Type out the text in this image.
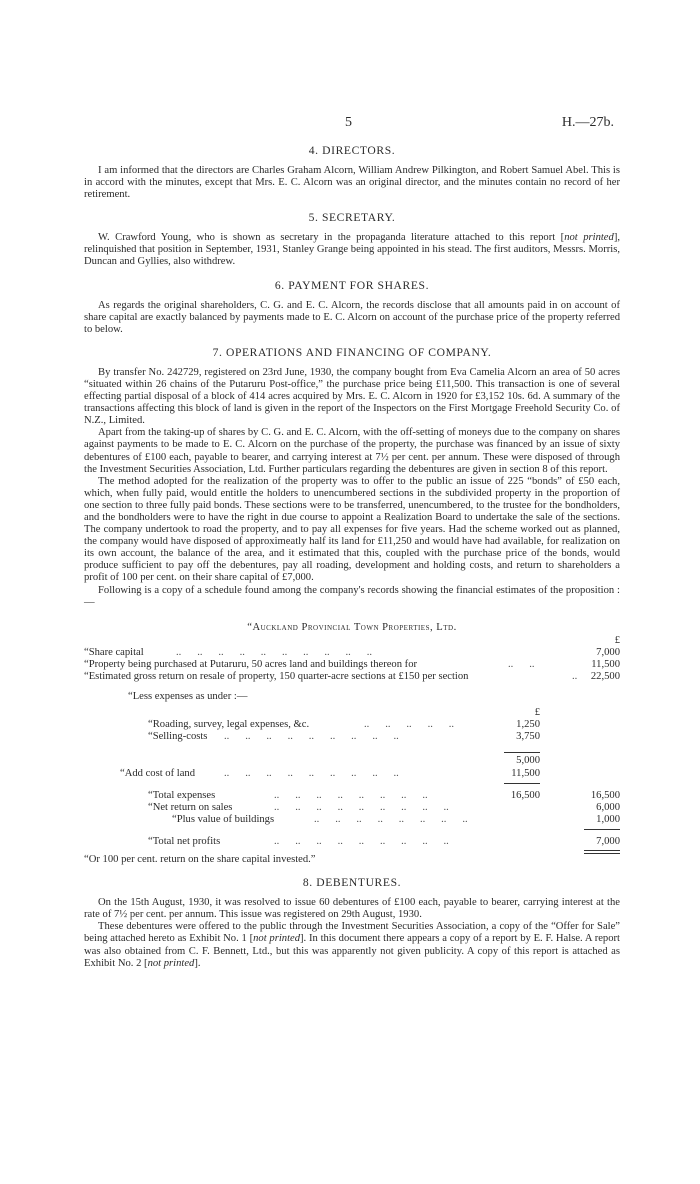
5	H.—27b.
4. DIRECTORS.

I am informed that the directors are Charles Graham Alcorn, William Andrew Pilkington, and Robert Samuel Abel. This is in accord with the minutes, except that Mrs. E. C. Alcorn was an original director, and the minutes contain no record of her retirement.

5. SECRETARY.

W. Crawford Young, who is shown as secretary in the propaganda literature attached to this report [not printed], relinquished that position in September, 1931, Stanley Grange being appointed in his stead. The first auditors, Messrs. Morris, Duncan and Gyllies, also withdrew.

6. PAYMENT FOR SHARES.

As regards the original shareholders, C. G. and E. C. Alcorn, the records disclose that all amounts paid in on account of share capital are exactly balanced by payments made to E. C. Alcorn on account of the purchase price of the property referred to below.

7. OPERATIONS AND FINANCING OF COMPANY.

By transfer No. 242729, registered on 23rd June, 1930, the company bought from Eva Camelia Alcorn an area of 50 acres “situated within 26 chains of the Putaruru Post-office,” the purchase price being £11,500. This transaction is one of several effecting partial disposal of a block of 414 acres acquired by Mrs. E. C. Alcorn in 1920 for £3,152 10s. 6d. A summary of the transactions affecting this block of land is given in the report of the Inspectors on the First Mortgage Freehold Security Co. of N.Z., Limited.

Apart from the taking-up of shares by C. G. and E. C. Alcorn, with the off-setting of moneys due to the company on shares against payments to be made to E. C. Alcorn on the purchase of the property, the purchase was financed by an issue of sixty debentures of £100 each, payable to bearer, and carrying interest at 7½ per cent. per annum. These were disposed of through the Investment Securities Association, Ltd. Further particulars regarding the debentures are given in section 8 of this report.

The method adopted for the realization of the property was to offer to the public an issue of 225 “bonds” of £50 each, which, when fully paid, would entitle the holders to unencumbered sections in the subdivided property in the proportion of one section to three fully paid bonds. These sections were to be transferred, unencumbered, to the trustee for the bondholders, and the bondholders were to have the right in due course to appoint a Realization Board to undertake the sale of the sections. The company undertook to road the property, and to pay all expenses for five years. Had the scheme worked out as planned, the company would have disposed of approximeatly half its land for £11,250 and would have had available, for realization on its own account, the balance of the area, and it estimated that this, coupled with the purchase price of the bonds, would produce sufficient to pay off the debentures, pay all roading, development and holding costs, and return to shareholders a profit of 100 per cent. on their share capital of £7,000.

Following is a copy of a schedule found among the company's records showing the financial estimates of the proposition :—

“Auckland Provincial Town Properties, Ltd.
£
“Share capital	..      ..      ..      ..      ..      ..      ..      ..      ..      ..	7,000
“Property being purchased at Putaruru, 50 acres land and buildings thereon for	..      ..	11,500
“Estimated gross return on resale of property, 150 quarter-acre sections at £150 per section	.. 22,500
“Less expenses as under :—
£
“Roading, survey, legal expenses, &c.	..      ..      ..      ..      ..	1,250
“Selling-costs ..      ..      ..      ..      ..      ..      ..      ..      ..	3,750
5,000
“Add cost of land	..      ..      ..      ..      ..      ..      ..      ..      ..	11,500
“Total expenses	..      ..      ..      ..      ..      ..      ..      ..	16,500	16,500
“Net return on sales	..      ..      ..      ..      ..      ..      ..      ..      ..	6,000
“Plus value of buildings	..      ..      ..      ..      ..      ..      ..      ..	1,000
“Total net profits	..      ..      ..      ..      ..      ..      ..      ..      ..	7,000
“Or 100 per cent. return on the share capital invested.”
8. DEBENTURES.

On the 15th August, 1930, it was resolved to issue 60 debentures of £100 each, payable to bearer, carrying interest at the rate of 7½ per cent. per annum. This issue was registered on 29th August, 1930.

These debentures were offered to the public through the Investment Securities Association, a copy of the “Offer for Sale” being attached hereto as Exhibit No. 1 [not printed]. In this document there appears a copy of a report by E. F. Halse. A report was also obtained from C. F. Bennett, Ltd., but this was apparently not given publicity. A copy of this report is attached as Exhibit No. 2 [not printed].
